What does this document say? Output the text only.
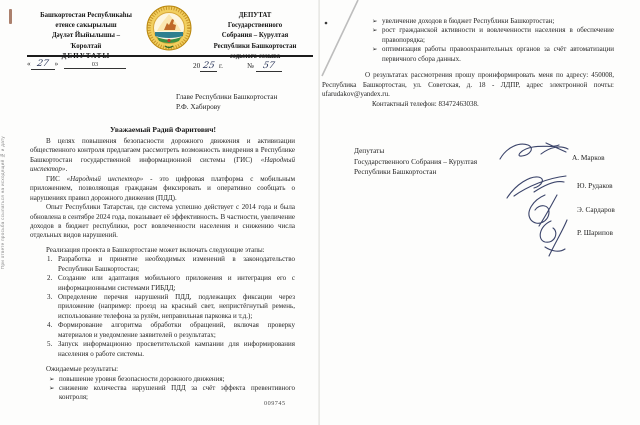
При ответе просьба ссылаться на исходящий № и дату
Башҡортостан Республикаһы
етенсе саҡырылыш
Дәүләт Йыйылышы –
Ҡоролтай
ДЕПУТАТ
Государственного
Собрания – Курултая
Республики Башкортостан
« 27 »	03	20 25 г.	№ 57
Главе Республики Башкортостан
Р.Ф. Хабирову
Уважаемый Радий Фаритович!

В целях повышения безопасности дорожного движения и активизации общественного контроля предлагаем рассмотреть возможность внедрения в Республике Башкортостан государственной информационной системы (ГИС) «Народный инспектор».

ГИС «Народный инспектор» - это цифровая платформа с мобильным приложением, позволяющая гражданам фиксировать и оперативно сообщать о нарушениях правил дорожного движения (ПДД).

Опыт Республики Татарстан, где система успешно действует с 2014 года и была обновлена в сентябре 2024 года, показывает её эффективность. В частности, увеличение доходов в бюджет республики, рост вовлеченности населения и снижению числа отдельных видов нарушений.

Реализация проекта в Башкортостане может включать следующие этапы:

Разработка и принятие необходимых изменений в законодательство Республики Башкортостан;
Создание или адаптация мобильного приложения и интеграция его с информационными системами ГИБДД;
Определение перечня нарушений ПДД, подлежащих фиксации через приложение (например: проезд на красный свет, непристёгнутый ремень, использование телефона за рулём, неправильная парковка и т.д.);
Формирование алгоритма обработки обращений, включая проверку материалов и уведомление заявителей о результатах;
Запуск информационно просветительской кампании для информирования населения о работе системы.
Ожидаемые результаты:
➢ повышение уровня безопасности дорожного движения;
➢ снижение количества нарушений ПДД за счёт эффекта превентивного контроля;
009745
➢ увеличение доходов в бюджет Республики Башкортостан;
➢ рост гражданской активности и вовлеченности населения в обеспечение правопорядка;
➢ оптимизация работы правоохранительных органов за счёт автоматизации первичного сбора данных.

О результатах рассмотрения прошу проинформировать меня по адресу: 450008, Республика Башкортостан, ул. Советская, д. 18 - ЛДПР, адрес электронной почты: ufarudakov@yandex.ru.

Контактный телефон: 83472463038.

Депутаты
Государственного Собрания – Курултая
Республики Башкортостан
А. Марков
Ю. Рудаков
Э. Сардаров
Р. Шарипов
